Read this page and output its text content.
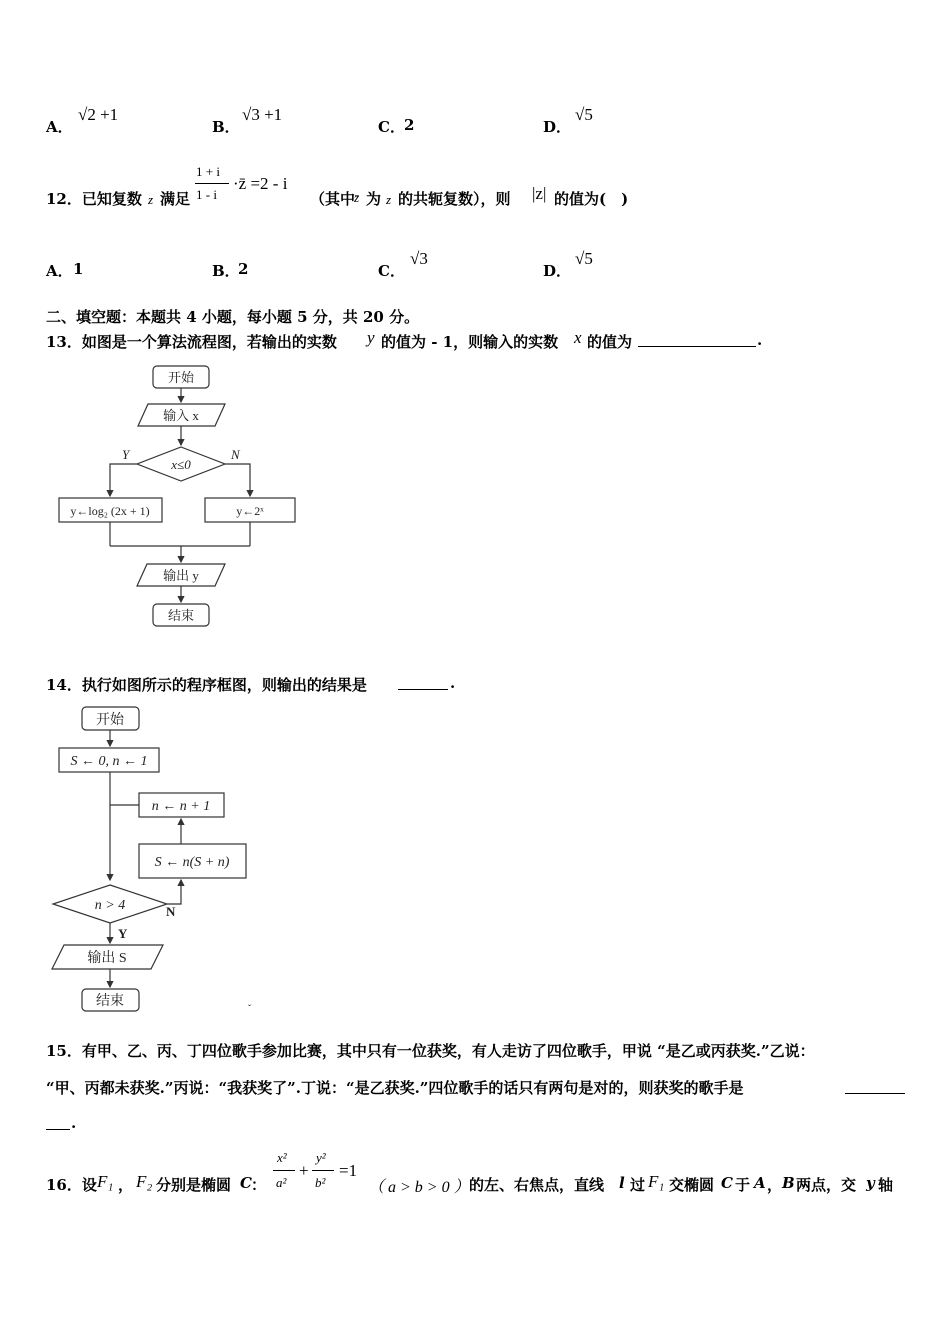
A．
√2 +1
B．
√3 +1
C． 2	D．
√5
12．已知复数 z 满足
1 + i
1 - i
·z̄ =2 - i
（其中
z̄ 为 z 的共轭复数），则 |z| 的值为(　)
A． 1	B．
2	C．
√3
D．
√5
二、填空题：本题共 4 小题，每小题 5 分，共 20 分。
13．如图是一个算法流程图，若输出的实数 y 的值为 - 1，则输入的实数 x 的值为	.
开始
输入 x
x≤0
Y	N
y←log₂ (2x + 1)	y←2ˣ
输出 y
结束
14．执行如图所示的程序框图，则输出的结果是	.
开始
S ← 0, n ← 1
n ← n + 1
S ← n(S + n)
n > 4	N
Y
输出 S
结束	ˇ
15．有甲、乙、丙、丁四位歌手参加比赛，其中只有一位获奖，有人走访了四位歌手，甲说 “是乙或丙获奖.”乙说：
“甲、丙都未获奖.”丙说：“我获奖了”.丁说：“是乙获奖.”四位歌手的话只有两句是对的，则获奖的歌手是
.
16．设 F₁ ， F₂ 分别是椭圆 C ：
x²
a²
+
y²
b²
=1
（ a > b > 0 ） 的左、右焦点，直线 l 过 F₁ 交椭圆 C 于 A ， B 两点，交 y 轴
